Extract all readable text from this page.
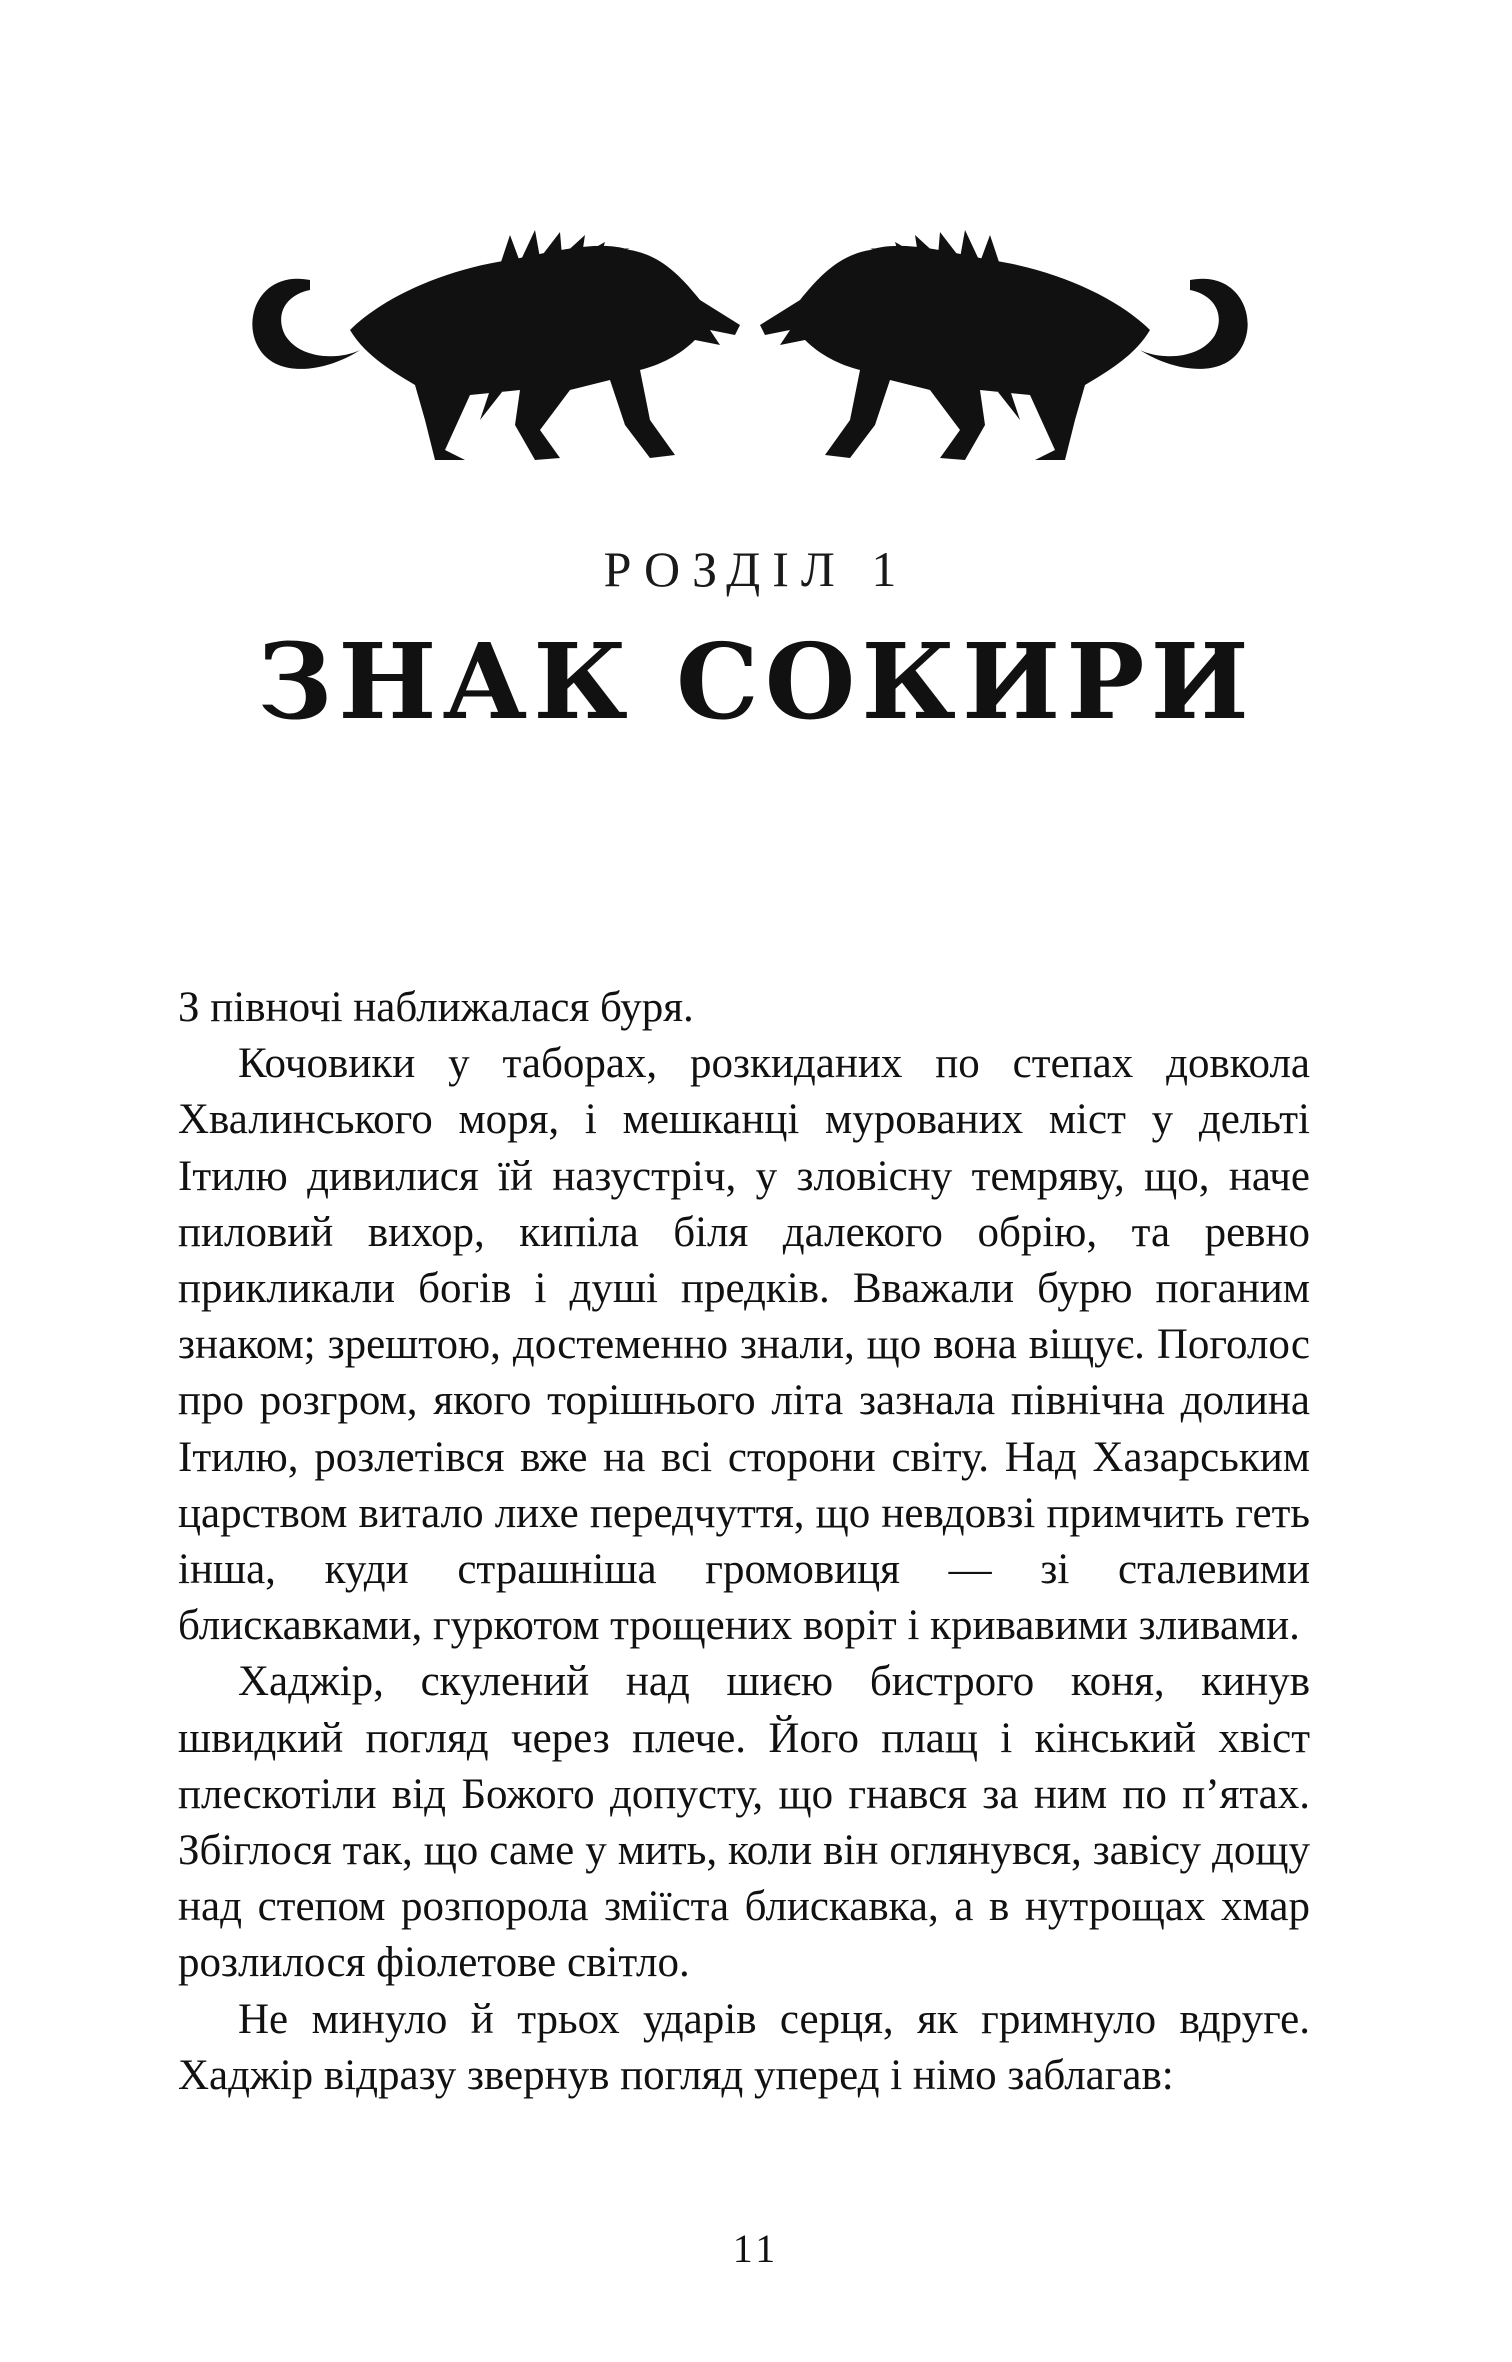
РОЗДІЛ 1
ЗНАК СОКИРИ

З півночі наближалася буря.

Кочовики у таборах, розкиданих по степах довкола Хвалинського моря, і мешканці мурованих міст у дельті Ітилю дивилися їй назустріч, у зловісну темряву, що, наче пиловий вихор, кипіла біля далекого обрію, та ревно прикликали богів і душі предків. Вважали бурю поганим знаком; зрештою, достеменно знали, що вона віщує. Поголос про розгром, якого торішнього літа зазнала північна долина Ітилю, розлетівся вже на всі сторони світу. Над Хазарським царством витало лихе передчуття, що невдовзі примчить геть інша, куди страшніша громовиця — зі сталевими блискавками, гуркотом трощених воріт і кривавими зливами.

Хаджір, скулений над шиєю бистрого коня, кинув швидкий погляд через плече. Його плащ і кінський хвіст плескотіли від Божого допусту, що гнався за ним по п’ятах. Збіглося так, що саме у мить, коли він оглянувся, завісу дощу над степом розпорола зміїста блискавка, а в нутрощах хмар розлилося фіолетове світло.

Не минуло й трьох ударів серця, як гримнуло вдруге. Хаджір відразу звернув погляд уперед і німо заблагав:

11
